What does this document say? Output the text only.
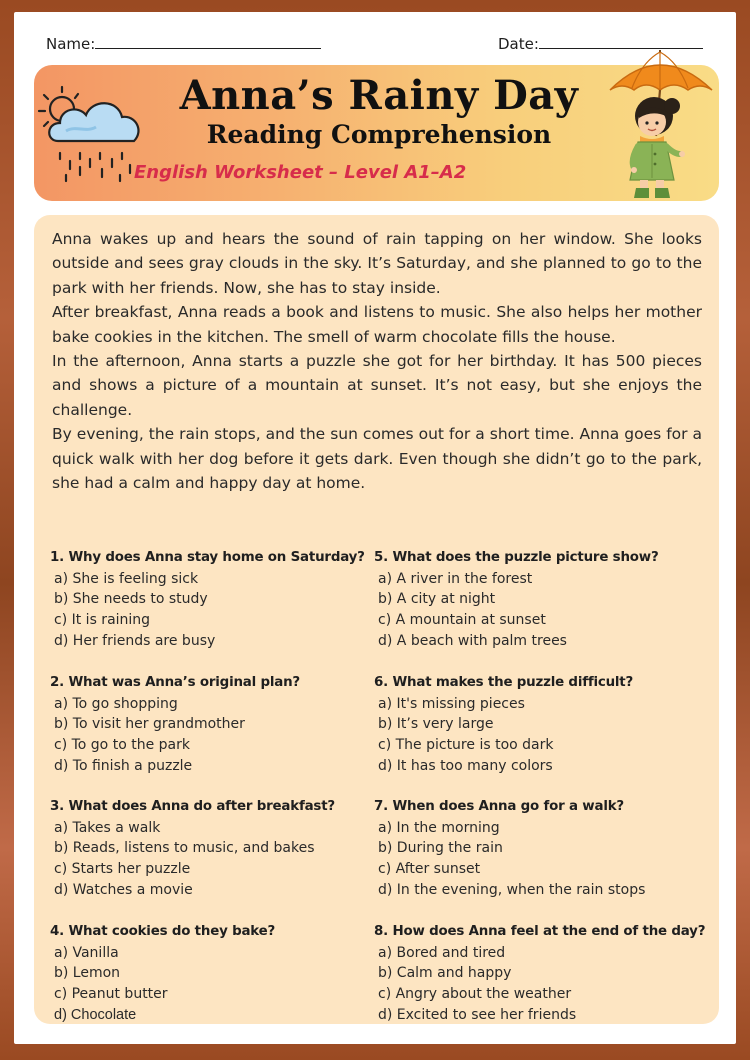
Name:	Date:
Anna’s Rainy Day
Reading Comprehension
English Worksheet – Level A1–A2

Anna wakes up and hears the sound of rain tapping on her window. She looks outside and sees gray clouds in the sky. It’s Saturday, and she planned to go to the park with her friends. Now, she has to stay inside.

After breakfast, Anna reads a book and listens to music. She also helps her mother bake cookies in the kitchen. The smell of warm chocolate fills the house.

In the afternoon, Anna starts a puzzle she got for her birthday. It has 500 pieces and shows a picture of a mountain at sunset. It’s not easy, but she enjoys the challenge.

By evening, the rain stops, and the sun comes out for a short time. Anna goes for a quick walk with her dog before it gets dark. Even though she didn’t go to the park, she had a calm and happy day at home.

1. Why does Anna stay home on Saturday?
a) She is feeling sick
b) She needs to study
c) It is raining
d) Her friends are busy
2. What was Anna’s original plan?
a) To go shopping
b) To visit her grandmother
c) To go to the park
d) To finish a puzzle
3. What does Anna do after breakfast?
a) Takes a walk
b) Reads, listens to music, and bakes
c) Starts her puzzle
d) Watches a movie
4. What cookies do they bake?
a) Vanilla
b) Lemon
c) Peanut butter
d) Chocolate
5. What does the puzzle picture show?
a) A river in the forest
b) A city at night
c) A mountain at sunset
d) A beach with palm trees
6. What makes the puzzle difficult?
a) It's missing pieces
b) It’s very large
c) The picture is too dark
d) It has too many colors
7. When does Anna go for a walk?
a) In the morning
b) During the rain
c) After sunset
d) In the evening, when the rain stops
8. How does Anna feel at the end of the day?
a) Bored and tired
b) Calm and happy
c) Angry about the weather
d) Excited to see her friends
